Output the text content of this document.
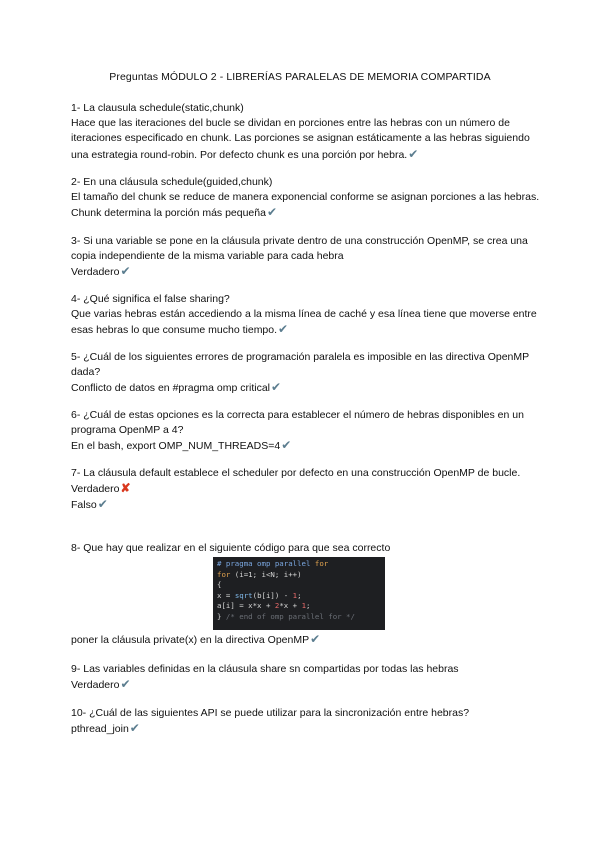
Preguntas MÓDULO 2 - LIBRERÍAS PARALELAS DE MEMORIA COMPARTIDA

1- La clausula schedule(static,chunk)

Hace que las iteraciones del bucle se dividan en porciones entre las hebras con un número de iteraciones especificado en chunk. Las porciones se asignan estáticamente a las hebras siguiendo una estrategia round-robin. Por defecto chunk es una porción por hebra.✔

2- En una cláusula schedule(guided,chunk)

El tamaño del chunk se reduce de manera exponencial conforme se asignan porciones a las hebras. Chunk determina la porción más pequeña✔

3- Si una variable se pone en la cláusula private dentro de una construcción OpenMP, se crea una copia independiente de la misma variable para cada hebra

Verdadero✔

4- ¿Qué significa el false sharing?

Que varias hebras están accediendo a la misma línea de caché y esa línea tiene que moverse entre esas hebras lo que consume mucho tiempo.✔

5- ¿Cuál de los siguientes errores de programación paralela es imposible en las directiva OpenMP dada?

Conflicto de datos en #pragma omp critical✔

6- ¿Cuál de estas opciones es la correcta para establecer el número de hebras disponibles en un programa OpenMP a 4?

En el bash, export OMP_NUM_THREADS=4✔

7- La cláusula default establece el scheduler por defecto en una construcción OpenMP de bucle.

Verdadero✘

Falso✔

8- Que hay que realizar en el siguiente código para que sea correcto

# pragma omp parallel for
for (i=1; i<N; i++)
{
x = sqrt(b[i]) - 1;
a[i] = x*x + 2*x + 1;
} /* end of omp parallel for */

poner la cláusula private(x) en la directiva OpenMP✔

9- Las variables definidas en la cláusula share sn compartidas por todas las hebras

Verdadero✔

10- ¿Cuál de las siguientes API se puede utilizar para la sincronización entre hebras?

pthread_join✔
